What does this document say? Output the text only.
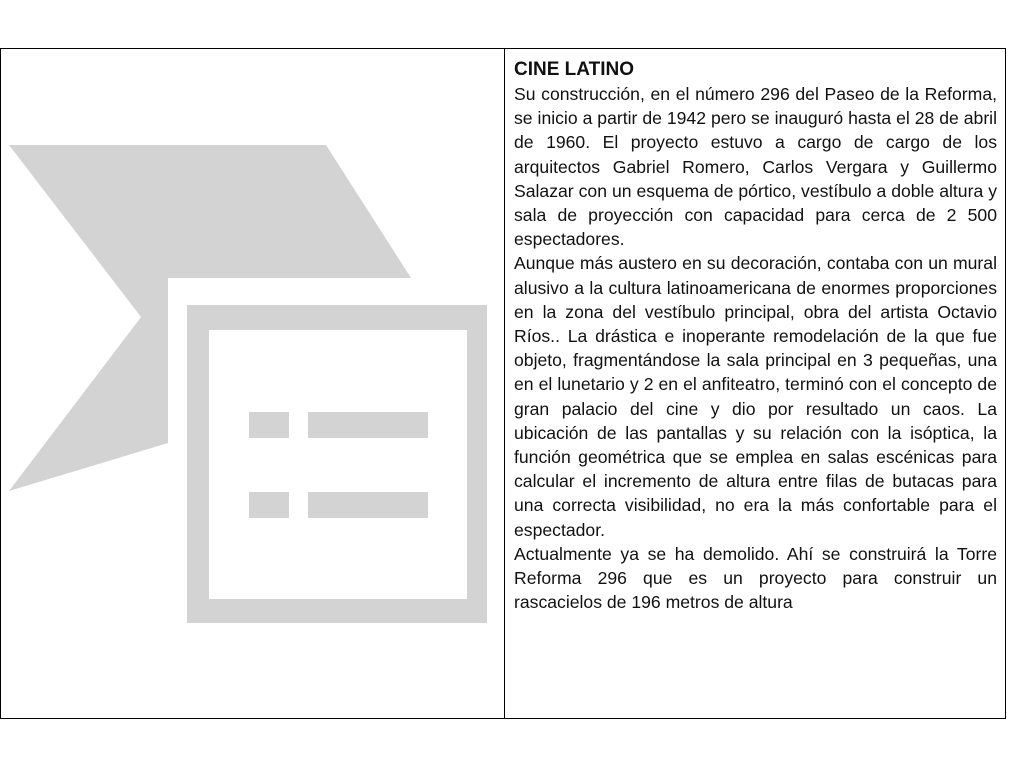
CINE LATINO

Su construcción, en el número 296 del Paseo de la Reforma, se inicio a partir de 1942 pero se inauguró hasta el 28 de abril de 1960. El proyecto estuvo a cargo de cargo de los arquitectos Gabriel Romero, Carlos Vergara y Guillermo Salazar con un esquema de pórtico, vestíbulo a doble altura y sala de proyección con capacidad para cerca de 2 500 espectadores.

Aunque más austero en su decoración, contaba con un mural alusivo a la cultura latinoamericana de enormes proporciones en la zona del vestíbulo principal, obra del artista Octavio Ríos.. La drástica e inoperante remodelación de la que fue objeto, fragmentándose la sala principal en 3 pequeñas, una en el lunetario y 2 en el anfiteatro, terminó con el concepto de gran palacio del cine y dio por resultado un caos. La ubicación de las pantallas y su relación con la isóptica, la función geométrica que se emplea en salas escénicas para calcular el incremento de altura entre filas de butacas para una correcta visibilidad, no era la más confortable para el espectador.

Actualmente ya se ha demolido. Ahí se construirá la Torre Reforma 296 que es un proyecto para construir un rascacielos de 196 metros de altura
